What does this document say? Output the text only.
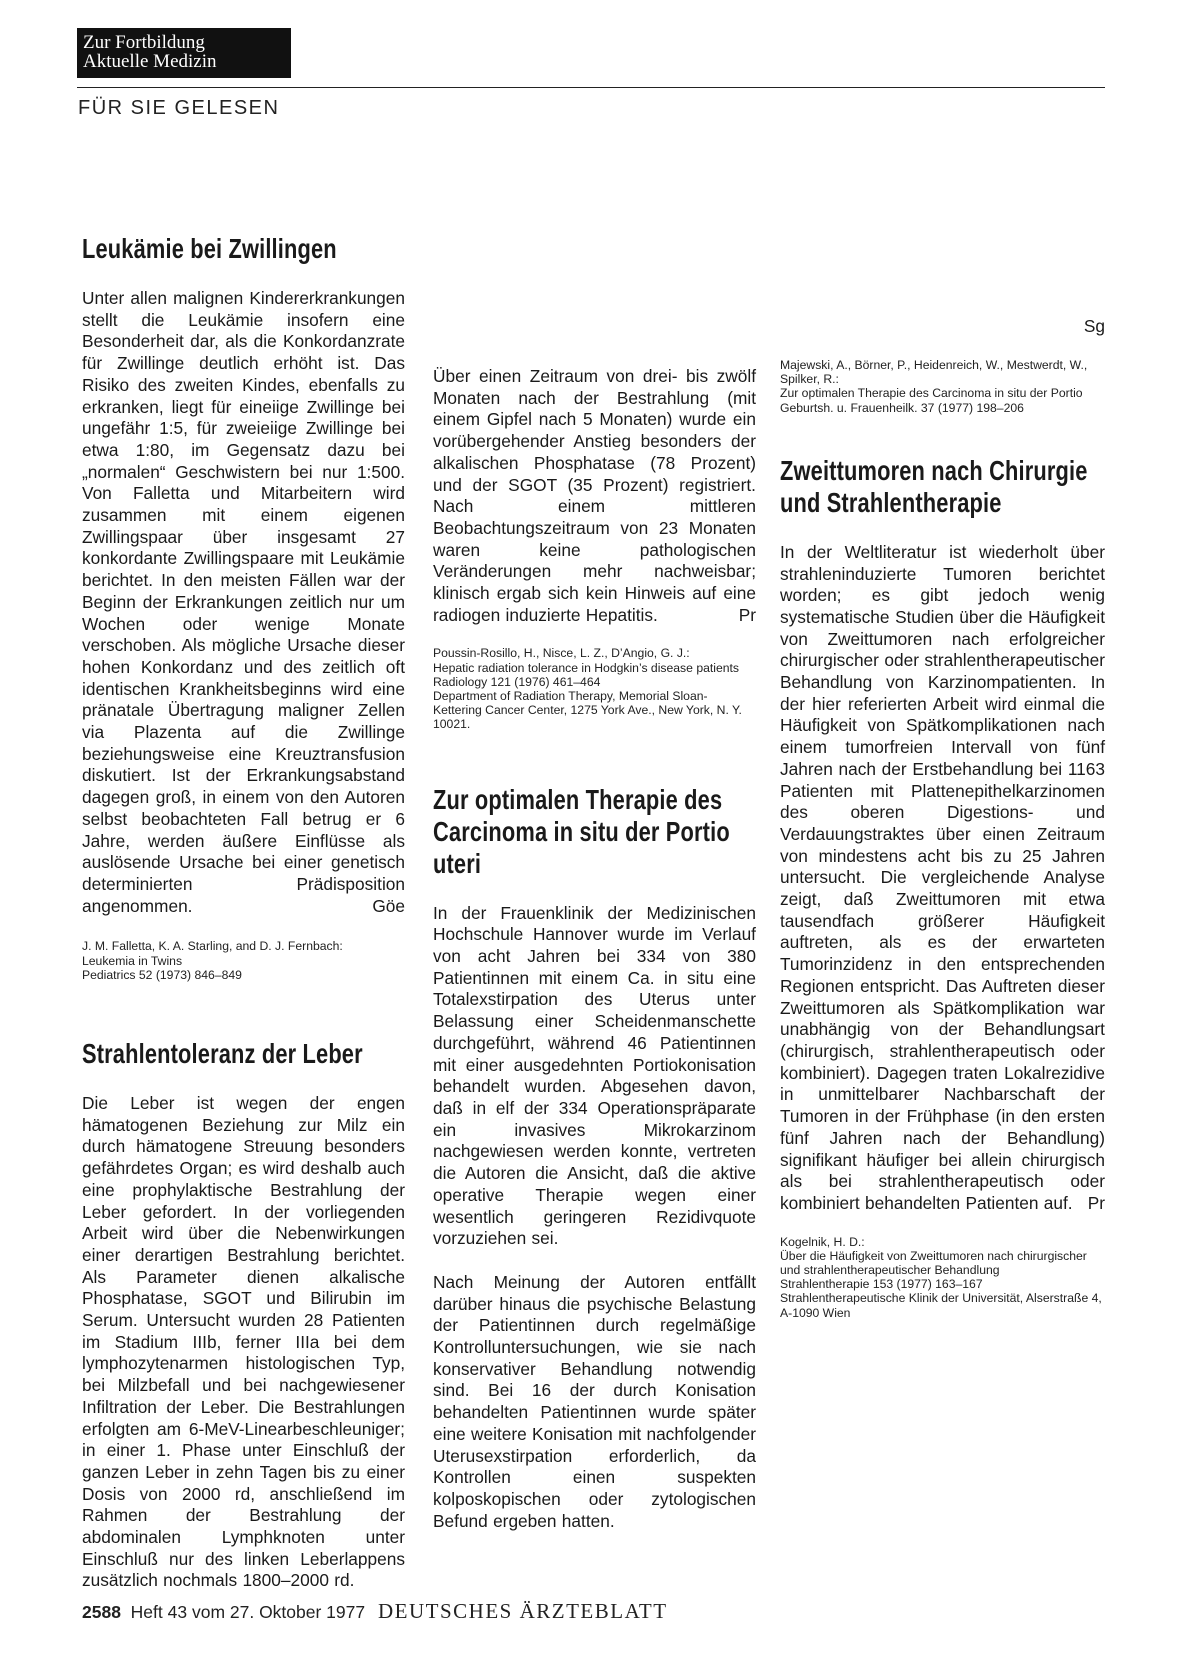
Zur Fortbildung
Aktuelle Medizin
FÜR SIE GELESEN
Leukämie bei Zwillingen

Unter allen malignen Kindererkrankungen stellt die Leukämie insofern eine Besonderheit dar, als die Konkordanzrate für Zwillinge deutlich erhöht ist. Das Risiko des zweiten Kindes, ebenfalls zu erkranken, liegt für eineiige Zwillinge bei ungefähr 1:5, für zweieiige Zwillinge bei etwa 1:80, im Gegensatz dazu bei „normalen“ Geschwistern bei nur 1:500. Von Falletta und Mitarbeitern wird zusammen mit einem eigenen Zwillingspaar über insgesamt 27 konkordante Zwillingspaare mit Leukämie berichtet. In den meisten Fällen war der Beginn der Erkrankungen zeitlich nur um Wochen oder wenige Monate verschoben. Als mögliche Ursache dieser hohen Konkordanz und des zeitlich oft identischen Krankheitsbeginns wird eine pränatale Übertragung maligner Zellen via Plazenta auf die Zwillinge beziehungsweise eine Kreuztransfusion diskutiert. Ist der Erkrankungsabstand dagegen groß, in einem von den Autoren selbst beobachteten Fall betrug er 6 Jahre, werden äußere Einflüsse als auslösende Ursache bei einer genetisch determinierten Prädisposition angenommen.	Göe

J. M. Falletta, K. A. Starling, and D. J. Fernbach:
Leukemia in Twins
Pediatrics 52 (1973) 846–849
Strahlentoleranz der Leber

Die Leber ist wegen der engen hämatogenen Beziehung zur Milz ein durch hämatogene Streuung besonders gefährdetes Organ; es wird deshalb auch eine prophylaktische Bestrahlung der Leber gefordert. In der vorliegenden Arbeit wird über die Nebenwirkungen einer derartigen Bestrahlung berichtet. Als Parameter dienen alkalische Phosphatase, SGOT und Bilirubin im Serum. Untersucht wurden 28 Patienten im Stadium IIIb, ferner IIIa bei dem lymphozytenarmen histologischen Typ, bei Milzbefall und bei nachgewiesener Infiltration der Leber. Die Bestrahlungen erfolgten am 6-MeV-Linearbeschleuniger; in einer 1. Phase unter Einschluß der ganzen Leber in zehn Tagen bis zu einer Dosis von 2000 rd, anschließend im Rahmen der Bestrahlung der abdominalen Lymphknoten unter Einschluß nur des linken Leberlappens zusätzlich nochmals 1800–2000 rd.

Über einen Zeitraum von drei- bis zwölf Monaten nach der Bestrahlung (mit einem Gipfel nach 5 Monaten) wurde ein vorübergehender Anstieg besonders der alkalischen Phosphatase (78 Prozent) und der SGOT (35 Prozent) registriert. Nach einem mittleren Beobachtungszeitraum von 23 Monaten waren keine pathologischen Veränderungen mehr nachweisbar; klinisch ergab sich kein Hinweis auf eine radiogen induzierte Hepatitis.	Pr

Poussin-Rosillo, H., Nisce, L. Z., D’Angio, G. J.:
Hepatic radiation tolerance in Hodgkin’s disease patients
Radiology 121 (1976) 461–464
Department of Radiation Therapy, Memorial Sloan-Kettering Cancer Center, 1275 York Ave., New York, N. Y. 10021.
Zur optimalen Therapie des Carcinoma in situ der Portio uteri

In der Frauenklinik der Medizinischen Hochschule Hannover wurde im Verlauf von acht Jahren bei 334 von 380 Patientinnen mit einem Ca. in situ eine Totalexstirpation des Uterus unter Belassung einer Scheidenmanschette durchgeführt, während 46 Patientinnen mit einer ausgedehnten Portiokonisation behandelt wurden. Abgesehen davon, daß in elf der 334 Operationspräparate ein invasives Mikrokarzinom nachgewiesen werden konnte, vertreten die Autoren die Ansicht, daß die aktive operative Therapie wegen einer wesentlich geringeren Rezidivquote vorzuziehen sei.

Nach Meinung der Autoren entfällt darüber hinaus die psychische Belastung der Patientinnen durch regelmäßige Kontrolluntersuchungen, wie sie nach konservativer Behandlung notwendig sind. Bei 16 der durch Konisation behandelten Patientinnen wurde später eine weitere Konisation mit nachfolgender Uterusexstirpation erforderlich, da Kontrollen einen suspekten kolposkopischen oder zytologischen Befund ergeben hatten.

Sg
Majewski, A., Börner, P., Heidenreich, W., Mestwerdt, W., Spilker, R.:
Zur optimalen Therapie des Carcinoma in situ der Portio
Geburtsh. u. Frauenheilk. 37 (1977) 198–206
Zweittumoren nach Chirurgie und Strahlentherapie

In der Weltliteratur ist wiederholt über strahleninduzierte Tumoren berichtet worden; es gibt jedoch wenig systematische Studien über die Häufigkeit von Zweittumoren nach erfolgreicher chirurgischer oder strahlentherapeutischer Behandlung von Karzinompatienten. In der hier referierten Arbeit wird einmal die Häufigkeit von Spätkomplikationen nach einem tumorfreien Intervall von fünf Jahren nach der Erstbehandlung bei 1163 Patienten mit Plattenepithelkarzinomen des oberen Digestions- und Verdauungstraktes über einen Zeitraum von mindestens acht bis zu 25 Jahren untersucht. Die vergleichende Analyse zeigt, daß Zweittumoren mit etwa tausendfach größerer Häufigkeit auftreten, als es der erwarteten Tumorinzidenz in den entsprechenden Regionen entspricht. Das Auftreten dieser Zweittumoren als Spätkomplikation war unabhängig von der Behandlungsart (chirurgisch, strahlentherapeutisch oder kombiniert). Dagegen traten Lokalrezidive in unmittelbarer Nachbarschaft der Tumoren in der Frühphase (in den ersten fünf Jahren nach der Behandlung) signifikant häufiger bei allein chirurgisch als bei strahlentherapeutisch oder kombiniert behandelten Patienten auf. Pr

Kogelnik, H. D.:
Über die Häufigkeit von Zweittumoren nach chirurgischer und strahlentherapeutischer Behandlung
Strahlentherapie 153 (1977) 163–167
Strahlentherapeutische Klinik der Universität, Alserstraße 4, A-1090 Wien
2588 Heft 43 vom 27. Oktober 1977 DEUTSCHES ÄRZTEBLATT
